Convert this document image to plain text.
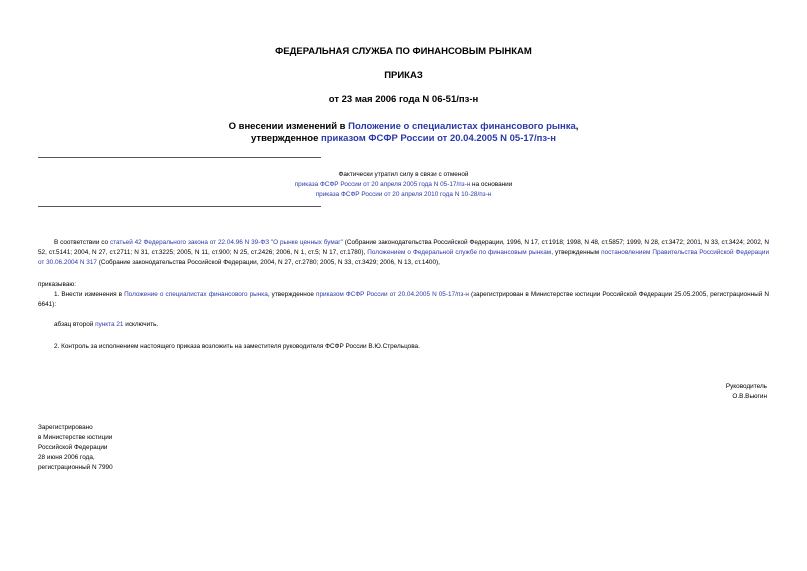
ФЕДЕРАЛЬНАЯ СЛУЖБА ПО ФИНАНСОВЫМ РЫНКАМ
ПРИКАЗ
от 23 мая 2006 года N 06-51/пз-н
О внесении изменений в Положение о специалистах финансового рынка,
утвержденное приказом ФСФР России от 20.04.2005 N 05-17/пз-н
Фактически утратил силу в связи с отменой
приказа ФСФР России от 20 апреля 2005 года N 05-17/пз-н на основании
приказа ФСФР России от 20 апреля 2010 года N 10-28/пз-н
В соответствии со статьей 42 Федерального закона от 22.04.96 N 39-ФЗ "О рынке ценных бумаг" (Собрание законодательства Российской Федерации, 1996, N 17, ст.1918; 1998, N 48, ст.5857; 1999, N 28, ст.3472; 2001, N 33, ст.3424; 2002, N 52, ст.5141; 2004, N 27, ст.2711; N 31, ст.3225; 2005, N 11, ст.900; N 25, ст.2426; 2006, N 1, ст.5; N 17, ст.1780), Положением о Федеральной службе по финансовым рынкам, утвержденным постановлением Правительства Российской Федерации от 30.06.2004 N 317 (Собрание законодательства Российской Федерации, 2004, N 27, ст.2780; 2005, N 33, ст.3429; 2006, N 13, ст.1400),
приказываю:
1. Внести изменения в Положение о специалистах финансового рынка, утвержденное приказом ФСФР России от 20.04.2005 N 05-17/пз-н (зарегистрирован в Министерстве юстиции Российской Федерации 25.05.2005, регистрационный N 6641):
абзац второй пункта 21 исключить.
2. Контроль за исполнением настоящего приказа возложить на заместителя руководителя ФСФР России В.Ю.Стрельцова.
Руководитель
О.В.Вьюгин
Зарегистрировано
в Министерстве юстиции
Российской Федерации
28 июня 2006 года,
регистрационный N 7990
